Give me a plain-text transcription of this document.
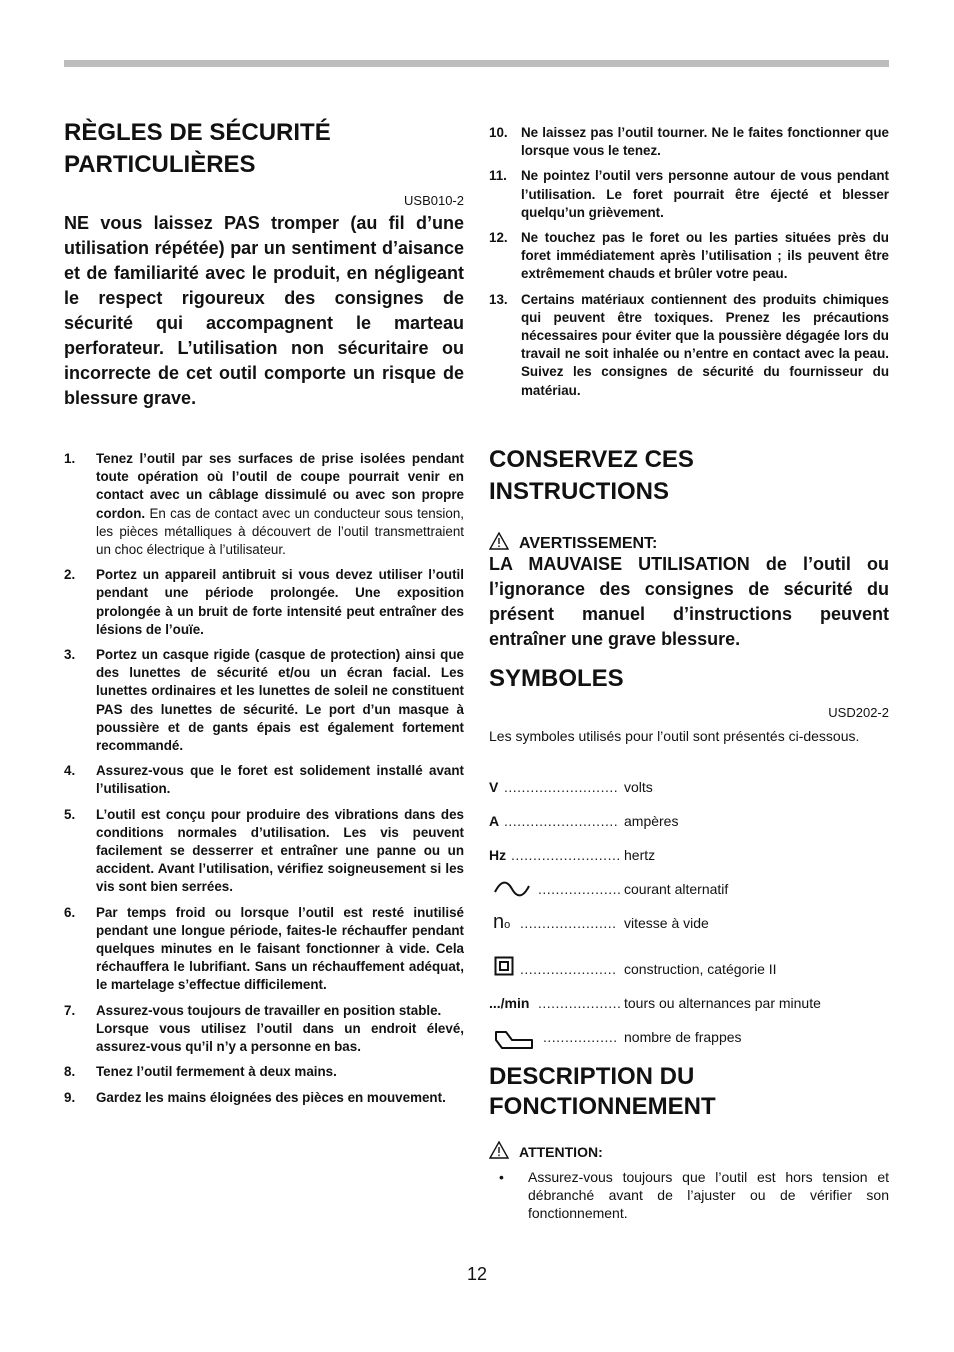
RÈGLES DE SÉCURITÉ PARTICULIÈRES
USB010-2
NE vous laissez PAS tromper (au fil d’une utilisation répétée) par un sentiment d’aisance et de familiarité avec le produit, en négligeant le respect rigoureux des consignes de sécurité qui accompagnent le marteau perforateur. L’utilisation non sécuritaire ou incorrecte de cet outil comporte un risque de blessure grave.
1. Tenez l’outil par ses surfaces de prise isolées pendant toute opération où l’outil de coupe pourrait venir en contact avec un câblage dissimulé ou avec son propre cordon. En cas de contact avec un conducteur sous tension, les pièces métalliques à découvert de l’outil transmettraient un choc électrique à l’utilisateur.
2. Portez un appareil antibruit si vous devez utiliser l’outil pendant une période prolongée. Une exposition prolongée à un bruit de forte intensité peut entraîner des lésions de l’ouïe.
3. Portez un casque rigide (casque de protection) ainsi que des lunettes de sécurité et/ou un écran facial. Les lunettes ordinaires et les lunettes de soleil ne constituent PAS des lunettes de sécurité. Le port d’un masque à poussière et de gants épais est également fortement recommandé.
4. Assurez-vous que le foret est solidement installé avant l’utilisation.
5. L’outil est conçu pour produire des vibrations dans des conditions normales d’utilisation. Les vis peuvent facilement se desserrer et entraîner une panne ou un accident. Avant l’utilisation, vérifiez soigneusement si les vis sont bien serrées.
6. Par temps froid ou lorsque l’outil est resté inutilisé pendant une longue période, faites-le réchauffer pendant quelques minutes en le faisant fonctionner à vide. Cela réchauffera le lubrifiant. Sans un réchauffement adéquat, le martelage s’effectue difficilement.
7. Assurez-vous toujours de travailler en position stable.
Lorsque vous utilisez l’outil dans un endroit élevé, assurez-vous qu’il n’y a personne en bas.
8. Tenez l’outil fermement à deux mains.
9. Gardez les mains éloignées des pièces en mouvement.
10. Ne laissez pas l’outil tourner. Ne le faites fonctionner que lorsque vous le tenez.
11. Ne pointez l’outil vers personne autour de vous pendant l’utilisation. Le foret pourrait être éjecté et blesser quelqu’un grièvement.
12. Ne touchez pas le foret ou les parties situées près du foret immédiatement après l’utilisation ; ils peuvent être extrêmement chauds et brûler votre peau.
13. Certains matériaux contiennent des produits chimiques qui peuvent être toxiques. Prenez les précautions nécessaires pour éviter que la poussière dégagée lors du travail ne soit inhalée ou n’entre en contact avec la peau. Suivez les consignes de sécurité du fournisseur du matériau.
CONSERVEZ CES INSTRUCTIONS
AVERTISSEMENT:
LA MAUVAISE UTILISATION de l’outil ou l’ignorance des consignes de sécurité du présent manuel d’instructions peuvent entraîner une grave blessure.
SYMBOLES
USD202-2
Les symboles utilisés pour l’outil sont présentés ci-dessous.
V .......................... volts
A .......................... ampères
Hz ......................... hertz
................... courant alternatif
no ...................... vitesse à vide
...................... construction, catégorie II
.../min ................... tours ou alternances par minute
................. nombre de frappes
DESCRIPTION DU FONCTIONNEMENT
ATTENTION:
• Assurez-vous toujours que l’outil est hors tension et débranché avant de l’ajuster ou de vérifier son fonctionnement.
12
